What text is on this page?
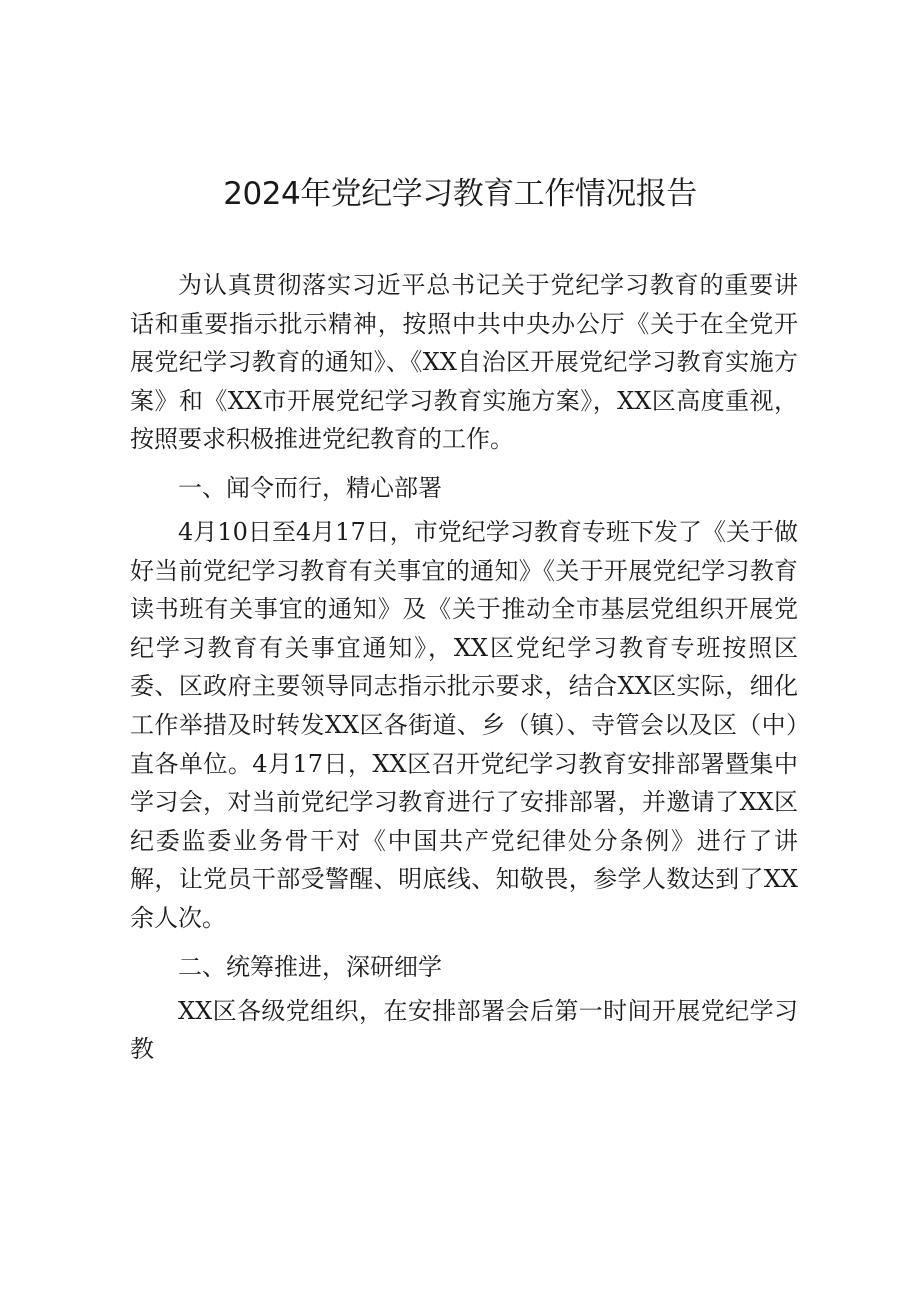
2024年党纪学习教育工作情况报告

为认真贯彻落实习近平总书记关于党纪学习教育的重要讲话和重要指示批示精神，按照中共中央办公厅《关于在全党开展党纪学习教育的通知》、《XX自治区开展党纪学习教育实施方案》和《XX市开展党纪学习教育实施方案》，XX区高度重视，按照要求积极推进党纪教育的工作。

一、闻令而行，精心部署

4月10日至4月17日，市党纪学习教育专班下发了《关于做好当前党纪学习教育有关事宜的通知》《关于开展党纪学习教育读书班有关事宜的通知》及《关于推动全市基层党组织开展党纪学习教育有关事宜通知》，XX区党纪学习教育专班按照区委、区政府主要领导同志指示批示要求，结合XX区实际，细化工作举措及时转发XX区各街道、乡（镇）、寺管会以及区（中）直各单位。4月17日，XX区召开党纪学习教育安排部署暨集中学习会，对当前党纪学习教育进行了安排部署，并邀请了XX区纪委监委业务骨干对《中国共产党纪律处分条例》进行了讲解，让党员干部受警醒、明底线、知敬畏，参学人数达到了XX余人次。

二、统筹推进，深研细学

XX区各级党组织，在安排部署会后第一时间开展党纪学习教
